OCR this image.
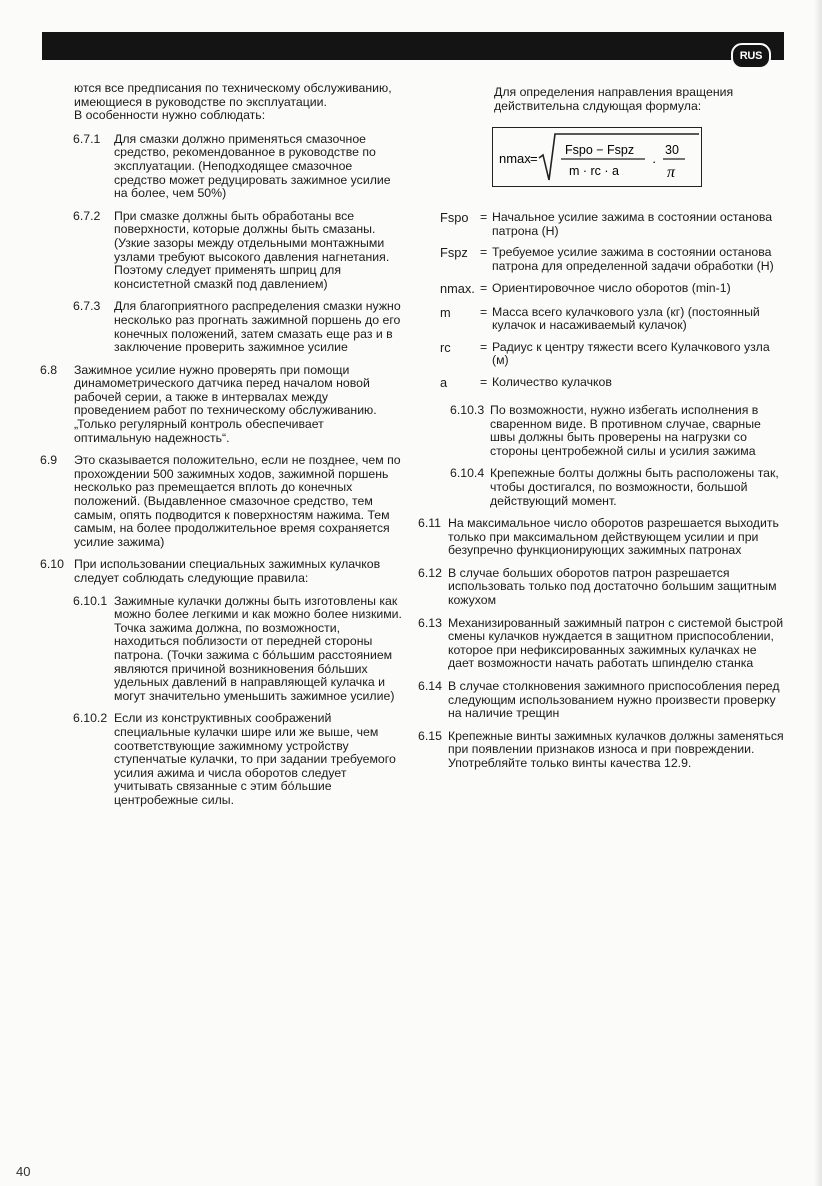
RUS

ются все предписания по техническому обслуживанию, имеющиеся в руководстве по эксплуатации.

В особенности нужно соблюдать:

6.7.1 Для смазки должно применяться смазочное средство, рекомендованное в руководстве по эксплуатации. (Неподходящее смазочное средство может редуцировать зажимное усилие на более, чем 50%)
6.7.2 При смазке должны быть обработаны все поверхности, которые должны быть смазаны. (Узкие зазоры между отдельными монтажными узлами требуют высокого давления нагнетания. Поэтому следует применять шприц для консистетной смазкй под давлением)
6.7.3 Для благоприятного распределения смазки нужно несколько раз прогнать зажимной поршень до его конечных положений, затем смазать еще раз и в заключение проверить зажимное усилие
6.8 Зажимное усилие нужно проверять при помощи динамометрического датчика перед началом новой рабочей серии, а также в интервалах между проведением работ по техническому обслуживанию. „Только регулярный контроль обеспечивает оптимальную надежность“.
6.9 Это сказывается положительно, если не позднее, чем по прохождении 500 зажимных ходов, зажимной поршень несколько раз премещается вплоть до конечных положений. (Выдавленное смазочное средство, тем самым, опять подводится к поверхностям нажима. Тем самым, на более продолжительное время сохраняется усилие зажима)
6.10 При использовании специальных зажимных кулачков следует соблюдать следующие правила:
6.10.1 Зажимные кулачки должны быть изготовлены как можно более легкими и как можно более низкими. Точка зажима должна, по возможности, находиться поблизости от передней стороны патрона. (Точки зажима с бо́льшим расстоянием являются причиной возникновения бо́льших удельных давлений в направляющей кулачка и могут значительно уменьшить зажимное усилие)
6.10.2 Если из конструктивных соображений специальные кулачки шире или же выше, чем соответствующие зажимному устройству ступенчатые кулачки, то при задании требуемого усилия ажима и числа оборотов следует учитывать связанные с этим бо́льшие центробежные силы.

Для определения направления вращения действительна слдующая формула:

nmax =
Fspo − Fspz
m · rc · a
·
30
π
Fspo = Начальное усилие зажима в состоянии останова патрона (Н)
Fspz = Требуемое усилие зажима в состоянии останова патрона для определенной задачи обработки (Н)
nmax. = Ориентировочное число оборотов (min-1)
m = Масса всего кулачкового узла (кг) (постоянный кулачок и насаживаемый кулачок)
rc = Радиус к центру тяжести всего Кулачкового узла (м)
a	= Количество кулачков
6.10.3 По возможности, нужно избегать исполнения в сваренном виде. В противном случае, сварные швы должны быть проверены на нагрузки со стороны центробежной силы и усилия зажима
6.10.4 Крепежные болты должны быть расположены так, чтобы достигался, по возможности, большой действующий момент.
6.11 На максимальное число оборотов разрешается выходить только при максимальном действующем усилии и при безупречно функционирующих зажимных патронах
6.12 В случае больших оборотов патрон разрешается использовать только под достаточно большим защитным кожухом
6.13 Механизированный зажимный патрон с системой быстрой смены кулачков нуждается в защитном приспособлении, которое при нефиксированных зажимных кулачках не дает возможности начать работать шпинделю станка
6.14 В случае столкновения зажимного приспособления перед следующим использованием нужно произвести проверку на наличие трещин
6.15 Крепежные винты зажимных кулачков должны заменяться при появлении признаков износа и при повреждении. Употребляйте только винты качества 12.9.
40
